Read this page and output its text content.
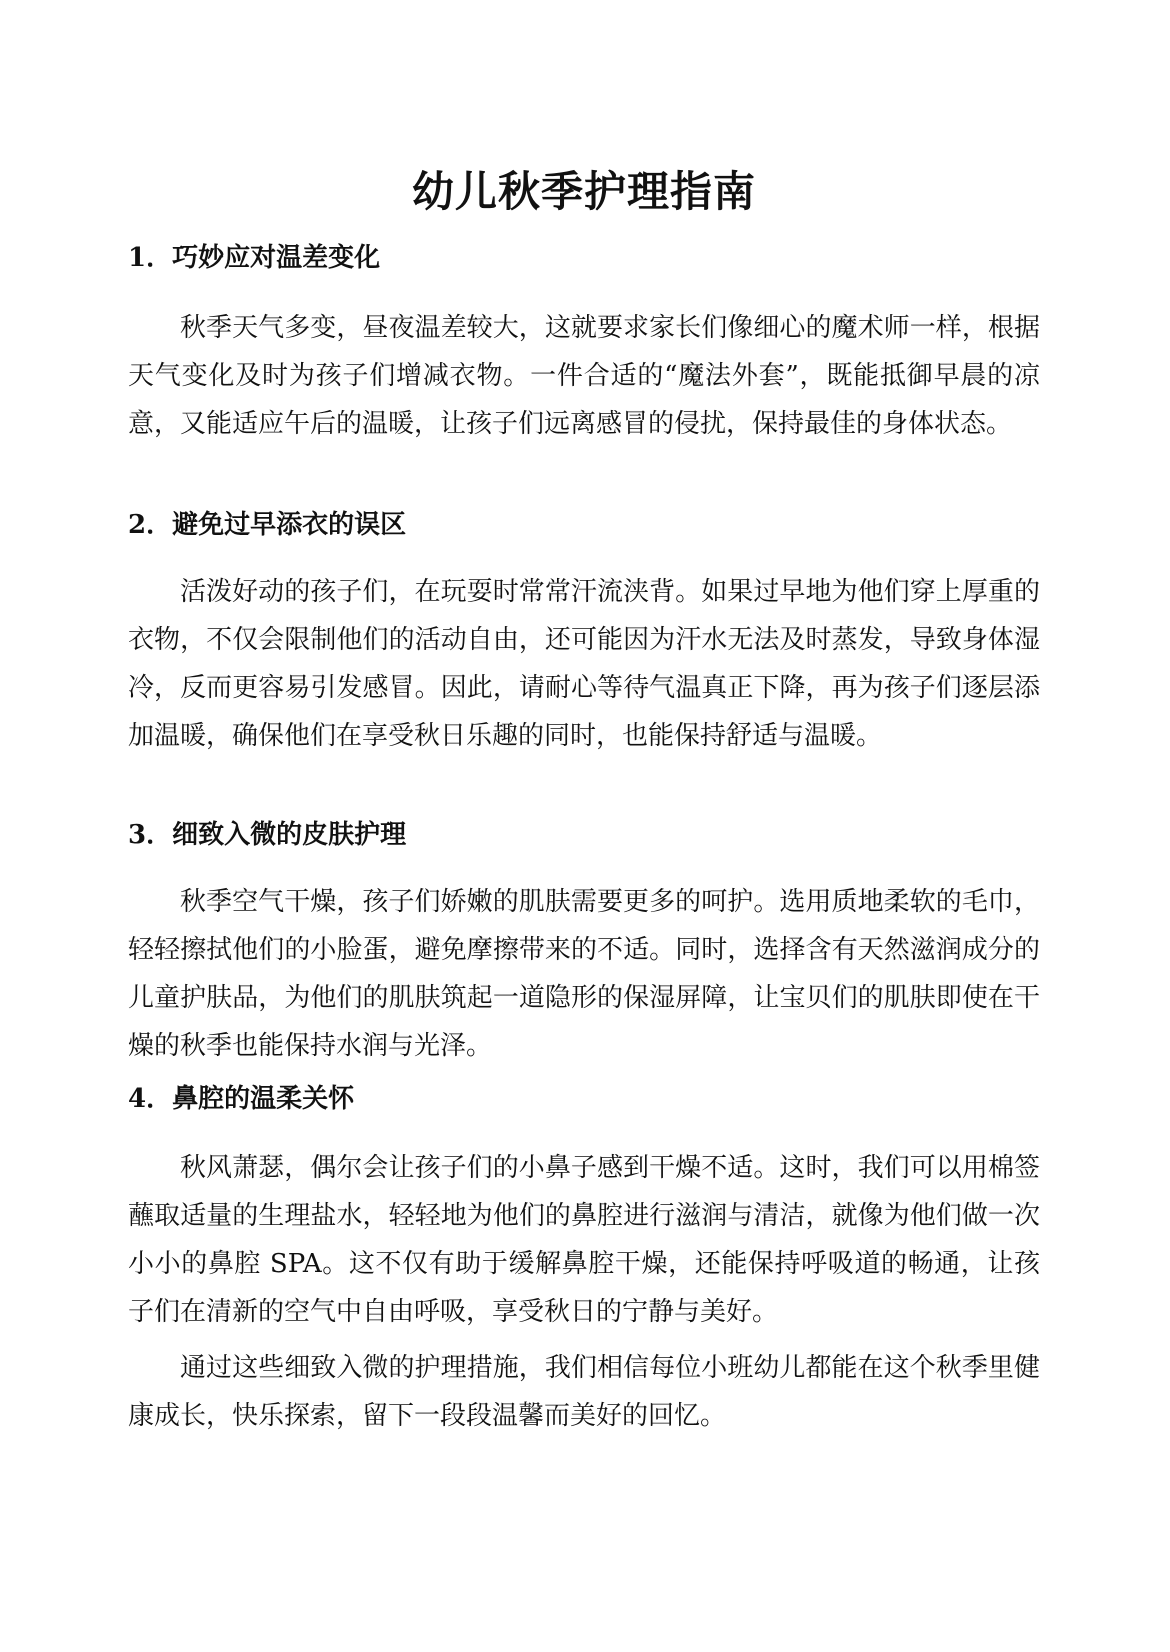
幼儿秋季护理指南
1．巧妙应对温差变化

秋季天气多变，昼夜温差较大，这就要求家长们像细心的魔术师一样，根据天气变化及时为孩子们增减衣物。一件合适的“魔法外套”，既能抵御早晨的凉意，又能适应午后的温暖，让孩子们远离感冒的侵扰，保持最佳的身体状态。

2．避免过早添衣的误区

活泼好动的孩子们，在玩耍时常常汗流浃背。如果过早地为他们穿上厚重的衣物，不仅会限制他们的活动自由，还可能因为汗水无法及时蒸发，导致身体湿冷，反而更容易引发感冒。因此，请耐心等待气温真正下降，再为孩子们逐层添加温暖，确保他们在享受秋日乐趣的同时，也能保持舒适与温暖。

3．细致入微的皮肤护理

秋季空气干燥，孩子们娇嫩的肌肤需要更多的呵护。选用质地柔软的毛巾，轻轻擦拭他们的小脸蛋，避免摩擦带来的不适。同时，选择含有天然滋润成分的儿童护肤品，为他们的肌肤筑起一道隐形的保湿屏障，让宝贝们的肌肤即使在干燥的秋季也能保持水润与光泽。

4．鼻腔的温柔关怀

秋风萧瑟，偶尔会让孩子们的小鼻子感到干燥不适。这时，我们可以用棉签蘸取适量的生理盐水，轻轻地为他们的鼻腔进行滋润与清洁，就像为他们做一次小小的鼻腔 SPA。这不仅有助于缓解鼻腔干燥，还能保持呼吸道的畅通，让孩子们在清新的空气中自由呼吸，享受秋日的宁静与美好。

通过这些细致入微的护理措施，我们相信每位小班幼儿都能在这个秋季里健康成长，快乐探索，留下一段段温馨而美好的回忆。
